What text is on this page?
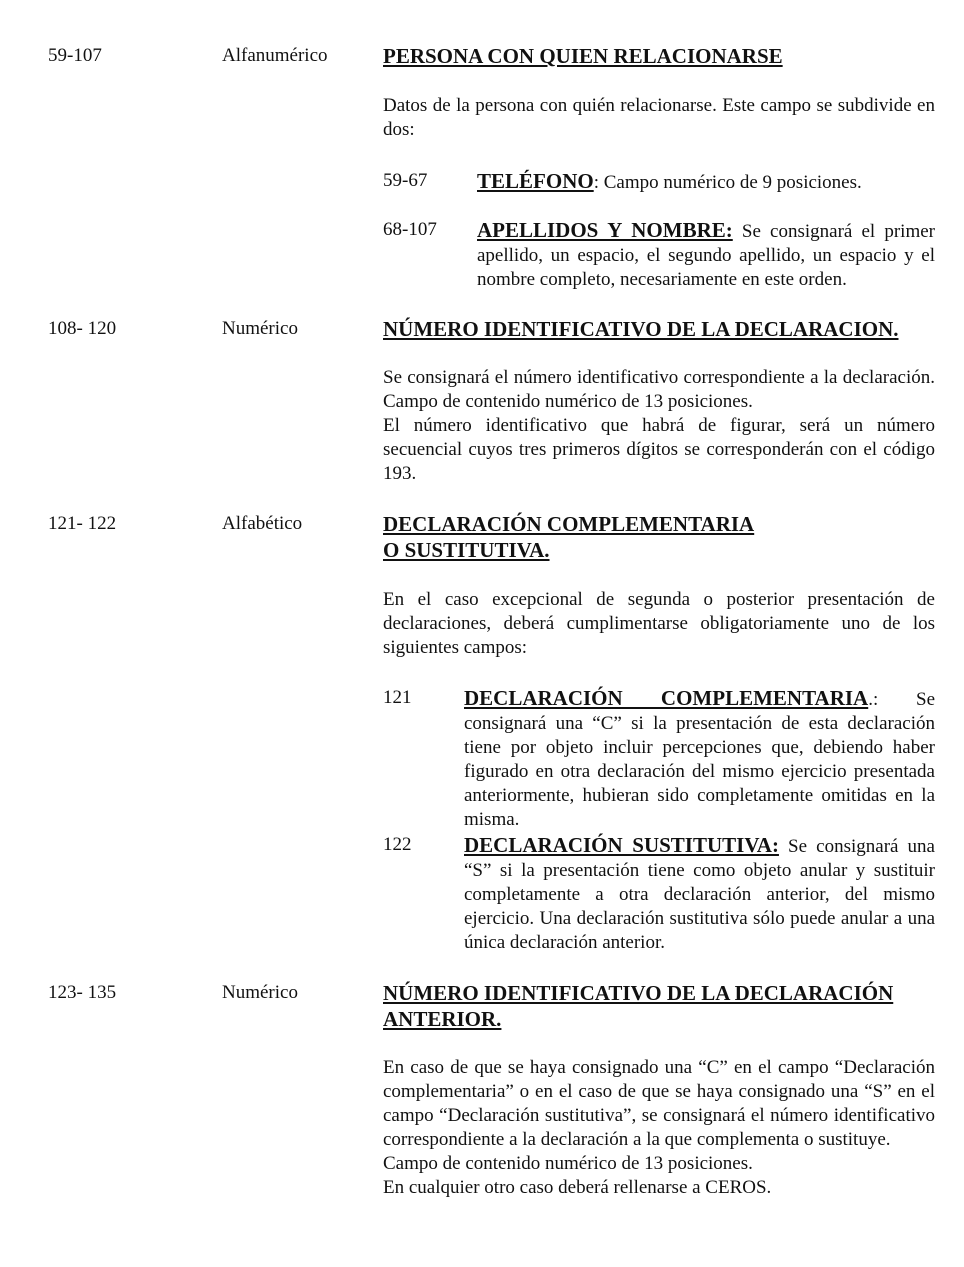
59-107	Alfanumérico	PERSONA CON QUIEN RELACIONARSE

Datos de la persona con quién relacionarse. Este campo se subdivide en dos:

59-67 TELÉFONO: Campo numérico de 9 posiciones.
68-107 APELLIDOS Y NOMBRE: Se consignará el primer apellido, un espacio, el segundo apellido, un espacio y el nombre completo, necesariamente en este orden.
108- 120	Numérico	NÚMERO IDENTIFICATIVO DE LA DECLARACION.

Se consignará el número identificativo correspondiente a la declaración. Campo de contenido numérico de 13 posiciones.

El número identificativo que habrá de figurar, será un número secuencial cuyos tres primeros dígitos se corresponderán con el código 193.

121- 122	Alfabético	DECLARACIÓN COMPLEMENTARIA
O SUSTITUTIVA.

En el caso excepcional de segunda o posterior presentación de declaraciones, deberá cumplimentarse obligatoriamente uno de los siguientes campos:

121	DECLARACIÓN COMPLEMENTARIA.: Se consignará una “C” si la presentación de esta declaración tiene por objeto incluir percepciones que, debiendo haber figurado en otra declaración del mismo ejercicio presentada anteriormente, hubieran sido completamente omitidas en la misma.
122	DECLARACIÓN SUSTITUTIVA: Se consignará una “S” si la presentación tiene como objeto anular y sustituir completamente a otra declaración anterior, del mismo ejercicio. Una declaración sustitutiva sólo puede anular a una única declaración anterior.
123- 135	Numérico	NÚMERO IDENTIFICATIVO DE LA DECLARACIÓN
ANTERIOR.

En caso de que se haya consignado una “C” en el campo “Declaración complementaria” o en el caso de que se haya consignado una “S” en el campo “Declaración sustitutiva”, se consignará el número identificativo correspondiente a la declaración a la que complementa o sustituye.

Campo de contenido numérico de 13 posiciones.

En cualquier otro caso deberá rellenarse a CEROS.
